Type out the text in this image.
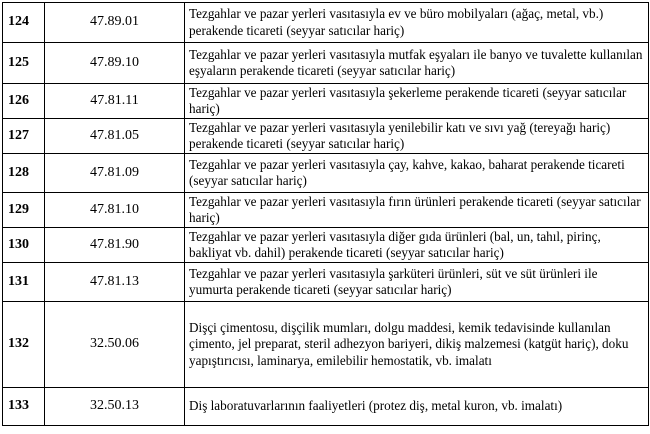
124	47.89.01	Tezgahlar ve pazar yerleri vasıtasıyla ev ve büro mobilyaları (ağaç, metal, vb.) perakende ticareti (seyyar satıcılar hariç)
125	47.89.10	Tezgahlar ve pazar yerleri vasıtasıyla mutfak eşyaları ile banyo ve tuvalette kullanılan eşyaların perakende ticareti (seyyar satıcılar hariç)
126	47.81.11	Tezgahlar ve pazar yerleri vasıtasıyla şekerleme perakende ticareti (seyyar satıcılar hariç)
127	47.81.05	Tezgahlar ve pazar yerleri vasıtasıyla yenilebilir katı ve sıvı yağ (tereyağı hariç) perakende ticareti (seyyar satıcılar hariç)
128	47.81.09	Tezgahlar ve pazar yerleri vasıtasıyla çay, kahve, kakao, baharat perakende ticareti (seyyar satıcılar hariç)
129	47.81.10	Tezgahlar ve pazar yerleri vasıtasıyla fırın ürünleri perakende ticareti (seyyar satıcılar hariç)
130	47.81.90	Tezgahlar ve pazar yerleri vasıtasıyla diğer gıda ürünleri (bal, un, tahıl, pirinç, bakliyat vb. dahil) perakende ticareti (seyyar satıcılar hariç)
131	47.81.13	Tezgahlar ve pazar yerleri vasıtasıyla şarküteri ürünleri, süt ve süt ürünleri ile yumurta perakende ticareti (seyyar satıcılar hariç)
132	32.50.06	Dişçi çimentosu, dişçilik mumları, dolgu maddesi, kemik tedavisinde kullanılan çimento, jel preparat, steril adhezyon bariyeri, dikiş malzemesi (katgüt hariç), doku yapıştırıcısı, laminarya, emilebilir hemostatik, vb. imalatı
133	32.50.13	Diş laboratuvarlarının faaliyetleri (protez diş, metal kuron, vb. imalatı)
